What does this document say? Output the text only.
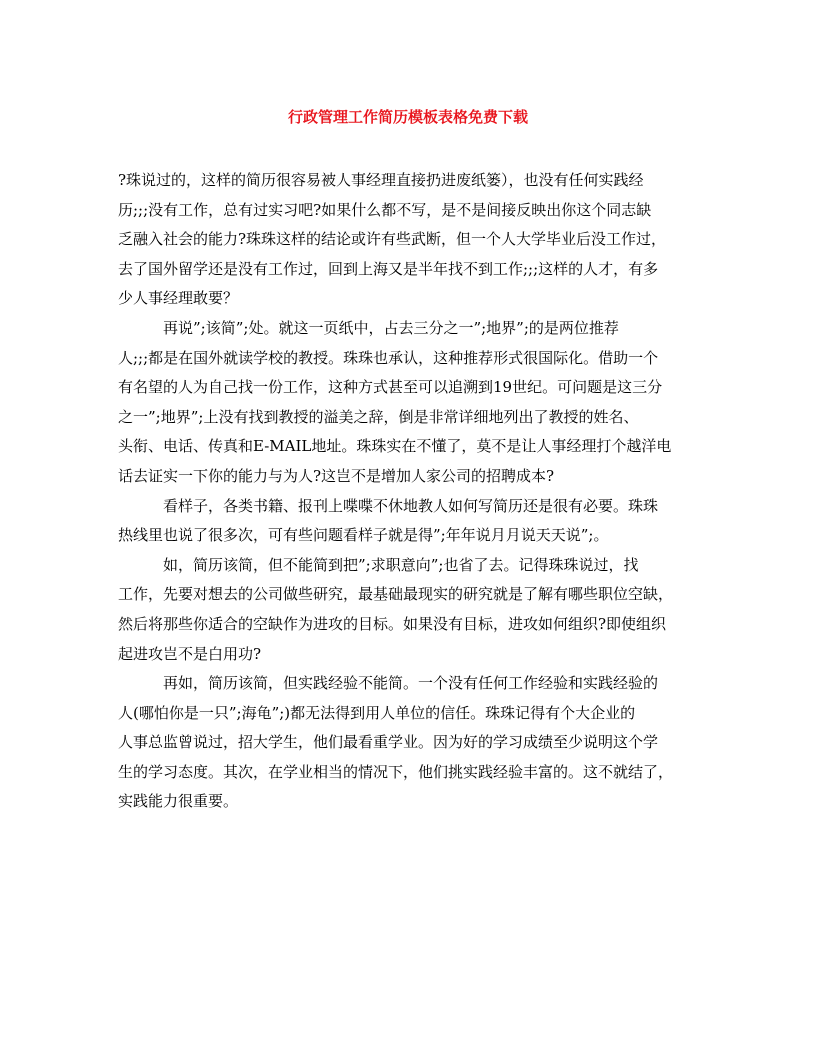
行政管理工作简历模板表格免费下载
?珠说过的，这样的简历很容易被人事经理直接扔进废纸篓），也没有任何实践经
历;;;没有工作，总有过实习吧?如果什么都不写，是不是间接反映出你这个同志缺
乏融入社会的能力?珠珠这样的结论或许有些武断，但一个人大学毕业后没工作过，
去了国外留学还是没有工作过，回到上海又是半年找不到工作;;;这样的人才，有多
少人事经理敢要？
再说”;该简”;处。就这一页纸中，占去三分之一”;地界”;的是两位推荐
人;;;都是在国外就读学校的教授。珠珠也承认，这种推荐形式很国际化。借助一个
有名望的人为自己找一份工作，这种方式甚至可以追溯到19世纪。可问题是这三分
之一”;地界”;上没有找到教授的溢美之辞，倒是非常详细地列出了教授的姓名、
头衔、电话、传真和E-MAIL地址。珠珠实在不懂了，莫不是让人事经理打个越洋电
话去证实一下你的能力与为人?这岂不是增加人家公司的招聘成本?
看样子，各类书籍、报刊上喋喋不休地教人如何写简历还是很有必要。珠珠
热线里也说了很多次，可有些问题看样子就是得”;年年说月月说天天说”;。
如，简历该简，但不能简到把”;求职意向”;也省了去。记得珠珠说过，找
工作，先要对想去的公司做些研究，最基础最现实的研究就是了解有哪些职位空缺，
然后将那些你适合的空缺作为进攻的目标。如果没有目标，进攻如何组织?即使组织
起进攻岂不是白用功?
再如，简历该简，但实践经验不能简。一个没有任何工作经验和实践经验的
人(哪怕你是一只”;海龟”;)都无法得到用人单位的信任。珠珠记得有个大企业的
人事总监曾说过，招大学生，他们最看重学业。因为好的学习成绩至少说明这个学
生的学习态度。其次，在学业相当的情况下，他们挑实践经验丰富的。这不就结了，
实践能力很重要。
